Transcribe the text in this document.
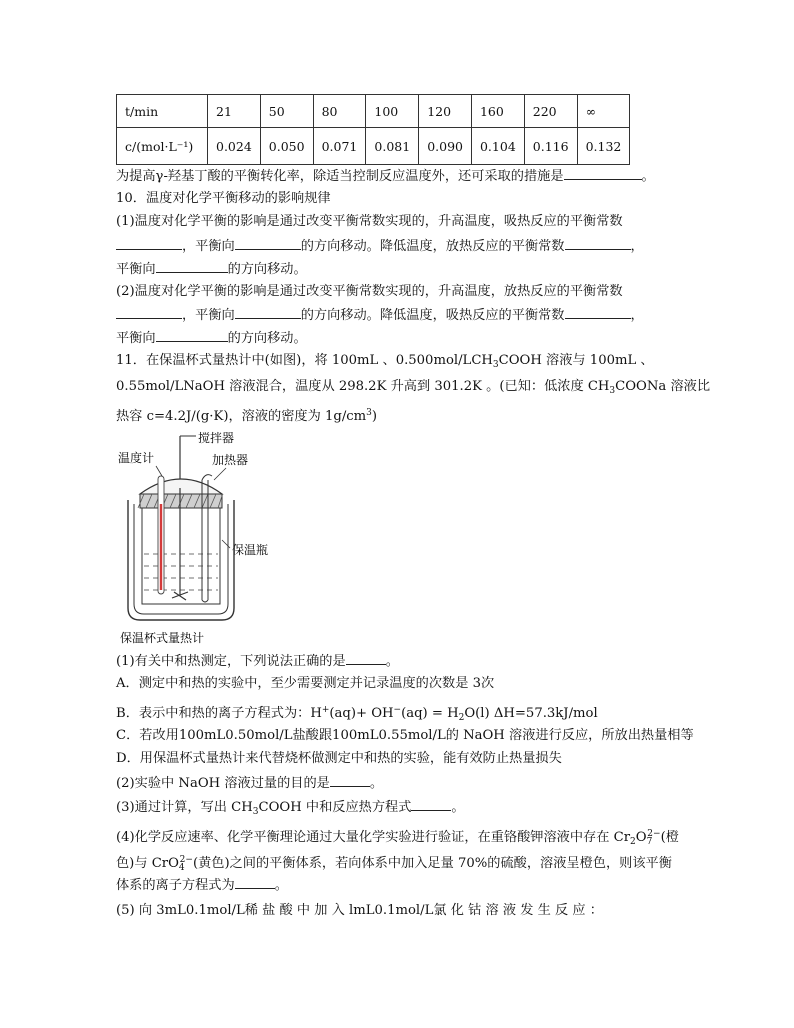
t/min	21	50	80	100	120	160	220	∞
c/(mol·L⁻¹)	0.024	0.050	0.071	0.081	0.090	0.104	0.116	0.132
为提高γ-羟基丁酸的平衡转化率，除适当控制反应温度外，还可采取的措施是	。
10．温度对化学平衡移动的影响规律
(1)温度对化学平衡的影响是通过改变平衡常数实现的，升高温度，吸热反应的平衡常数
，平衡向	的方向移动。降低温度，放热反应的平衡常数	，
平衡向	的方向移动。
(2)温度对化学平衡的影响是通过改变平衡常数实现的，升高温度，放热反应的平衡常数
，平衡向	的方向移动。降低温度，吸热反应的平衡常数	，
平衡向	的方向移动。
11．在保温杯式量热计中(如图)，将 100mL 、$0.500mol/LCH_3COOH$ 溶液与 100mL 、
0.55mol/LNaOH 溶液混合，温度从 298.2K 升高到 301.2K 。(已知：低浓度 $CH_3COONa$ 溶液比
热容 c=4.2J/(g·K)，溶液的密度为 $1g/cm^3$)
搅拌器
温度计	加热器
保温瓶
保温杯式量热计
(1)有关中和热测定，下列说法正确的是	。
A．测定中和热的实验中，至少需要测定并记录温度的次数是 3次
B．表示中和热的离子方程式为：$H^+(aq)+ OH^-(aq) = H_2O(l)$ ΔH=57.3kJ/mol
C．若改用100mL0.50mol/L盐酸跟100mL0.55mol/L的 NaOH 溶液进行反应，所放出热量相等
D．用保温杯式量热计来代替烧杯做测定中和热的实验，能有效防止热量损失
(2)实验中 NaOH 溶液过量的目的是	。
(3)通过计算，写出 $CH_3COOH$ 中和反应热方程式	。
(4)化学反应速率、化学平衡理论通过大量化学实验进行验证，在重铬酸钾溶液中存在 $Cr_2O_7^{2-}$(橙
色)与 CrO$_4^{2-}$(黄色)之间的平衡体系，若向体系中加入足量 70%的硫酸，溶液呈橙色，则该平衡
体系的离子方程式为	。
(5) 向 3mL0.1mol/L稀 盐 酸 中 加 入 lmL0.1mol/L氯 化 钴 溶 液 发 生 反 应 ：
